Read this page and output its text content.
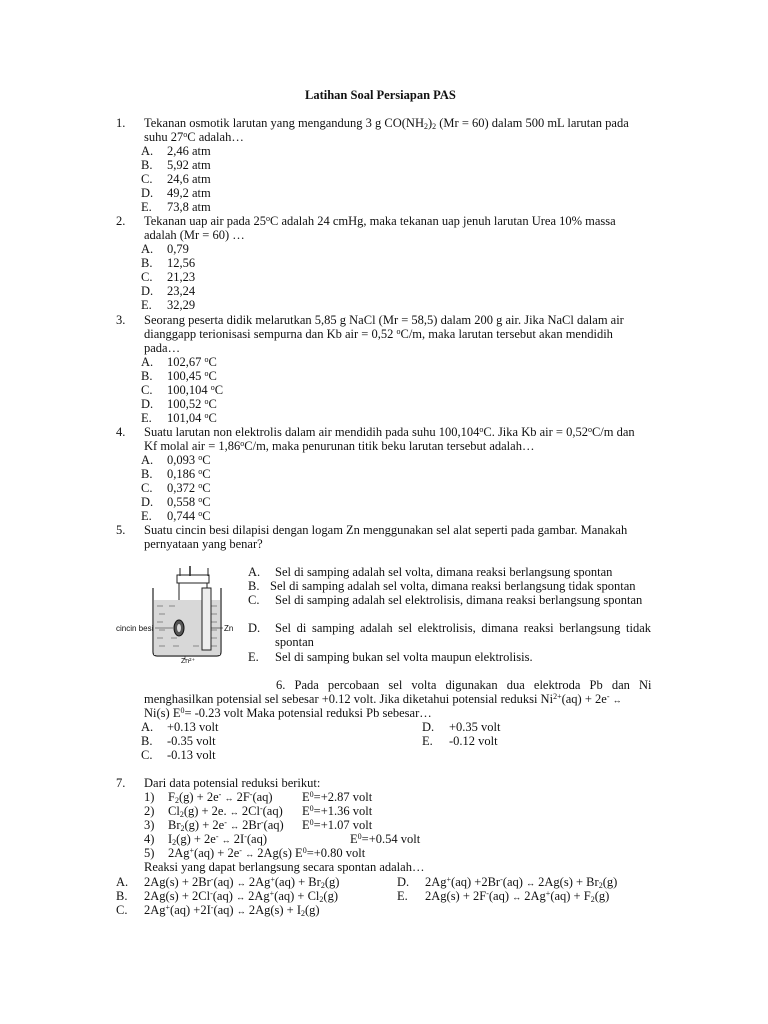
Latihan Soal Persiapan PAS
1. Tekanan osmotik larutan yang mengandung 3 g $CO(NH_2)_2$ (Mr = 60) dalam 500 mL larutan pada
suhu 27$^o$C adalah…
A. 2,46 atm
B. 5,92 atm
C. 24,6 atm
D. 49,2 atm
E. 73,8 atm
2. Tekanan uap air pada 25$^o$C adalah 24 cmHg, maka tekanan uap jenuh larutan Urea 10% massa
adalah (Mr = 60) …
A. 0,79
B. 12,56
C. 21,23
D. 23,24
E. 32,29
3. Seorang peserta didik melarutkan 5,85 g NaCl (Mr = 58,5) dalam 200 g air. Jika NaCl dalam air
dianggapp terionisasi sempurna dan Kb air = 0,52 $^o$C/m, maka larutan tersebut akan mendidih
pada…
A. 102,67 $^o$C
B. 100,45 $^o$C
C. 100,104 $^o$C
D. 100,52 $^o$C
E. 101,04 $^o$C
4. Suatu larutan non elektrolis dalam air mendidih pada suhu 100,104$^o$C. Jika Kb air = $0,52^oC/m$ dan
Kf molal air = $1,86^oC/m$, maka penurunan titik beku larutan tersebut adalah…
A. 0,093 $^o$C
B. 0,186 $^o$C
C. 0,372 $^o$C
D. 0,558 $^o$C
E. 0,744 $^o$C
5. Suatu cincin besi dilapisi dengan logam Zn menggunakan sel alat seperti pada gambar. Manakah
pernyataan yang benar?
cincin besi	Zn
Zn²⁺
A. Sel di samping adalah sel volta, dimana reaksi berlangsung spontan
B. Sel di samping adalah sel volta, dimana reaksi berlangsung tidak spontan
C. Sel di samping adalah sel elektrolisis, dimana reaksi berlangsung spontan
D. Sel di samping adalah sel elektrolisis, dimana reaksi berlangsung tidak spontan
E. Sel di samping bukan sel volta maupun elektrolisis.
6. Pada percobaan sel volta digunakan dua elektroda Pb dan Ni
menghasilkan potensial sel sebesar +0.12 volt. Jika diketahui potensial reduksi $Ni^{2+}(aq) + 2e^-$ ↔
Ni(s) $E^0= -0.23$ volt Maka potensial reduksi Pb sebesar…
A. +0.13 volt
B. -0.35 volt
C. -0.13 volt
D. +0.35 volt
E. -0.12 volt
7. Dari data potensial reduksi berikut:
1) $F_2(g) + 2e^-$ ↔ 2F-(aq) $E^0=+2.87$ volt
2) $Cl_2(g) + 2e$. ↔ 2Cl-(aq) $E^0=+1.36$ volt
3) $Br_2(g) + 2e^-$ ↔ 2Br-(aq) $E^0=+1.07$ volt
4) $I_2(g) + 2e^-$ ↔ 2I-(aq)	$E^0=+0.54$ volt
5) 2Ag+(aq) + 2e- ↔ 2Ag(s) $E^0=+0.80$ volt
Reaksi yang dapat berlangsung secara spontan adalah…
A. 2Ag(s) + 2Br-(aq) ↔ $2Ag^+(aq) + Br_2(g)$
B. 2Ag(s) + 2Cl-(aq) ↔ $2Ag^+(aq) + Cl_2(g)$
C. 2Ag+(aq) +2I-(aq) ↔ $2Ag(s) + I_2(g)$
D. 2Ag+(aq) +2Br-(aq) ↔ $2Ag(s) + Br_2(g)$
E. 2Ag(s) + 2F-(aq) ↔ $2Ag^+(aq) + F_2(g)$
